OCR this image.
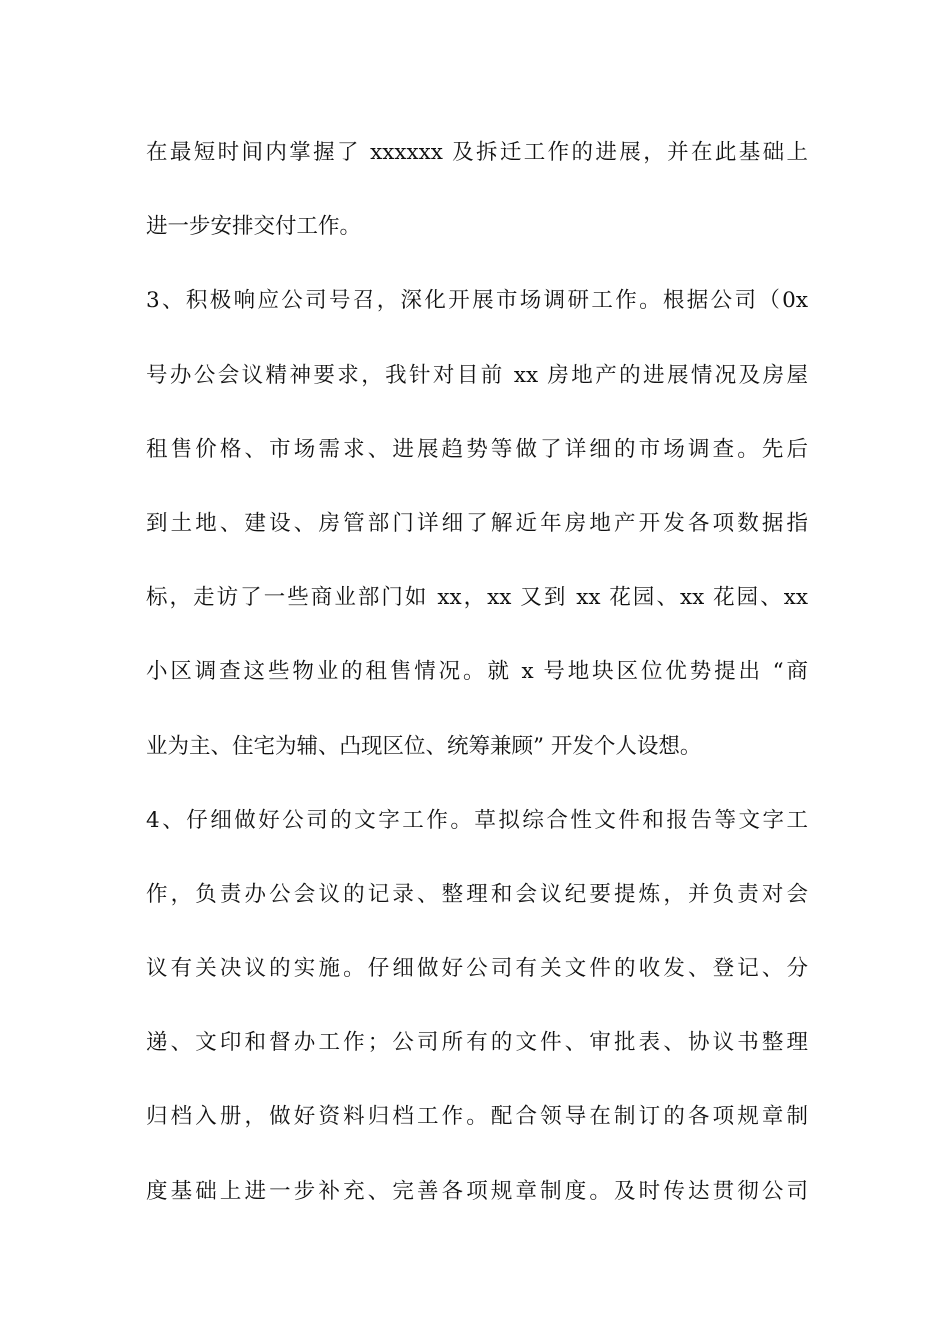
在最短时间内掌握了 xxxxxx 及拆迁工作的进展，并在此基础上
进一步安排交付工作。
3、积极响应公司号召，深化开展市场调研工作。根据公司（0x
号办公会议精神要求，我针对目前 xx 房地产的进展情况及房屋
租售价格、市场需求、进展趋势等做了详细的市场调查。先后
到土地、建设、房管部门详细了解近年房地产开发各项数据指
标，走访了一些商业部门如 xx，xx 又到 xx 花园、xx 花园、xx
小区调查这些物业的租售情况。就 x 号地块区位优势提出 “商
业为主、住宅为辅、凸现区位、统筹兼顾” 开发个人设想。
4、仔细做好公司的文字工作。草拟综合性文件和报告等文字工
作，负责办公会议的记录、整理和会议纪要提炼，并负责对会
议有关决议的实施。仔细做好公司有关文件的收发、登记、分
递、文印和督办工作；公司所有的文件、审批表、协议书整理
归档入册，做好资料归档工作。配合领导在制订的各项规章制
度基础上进一步补充、完善各项规章制度。及时传达贯彻公司
